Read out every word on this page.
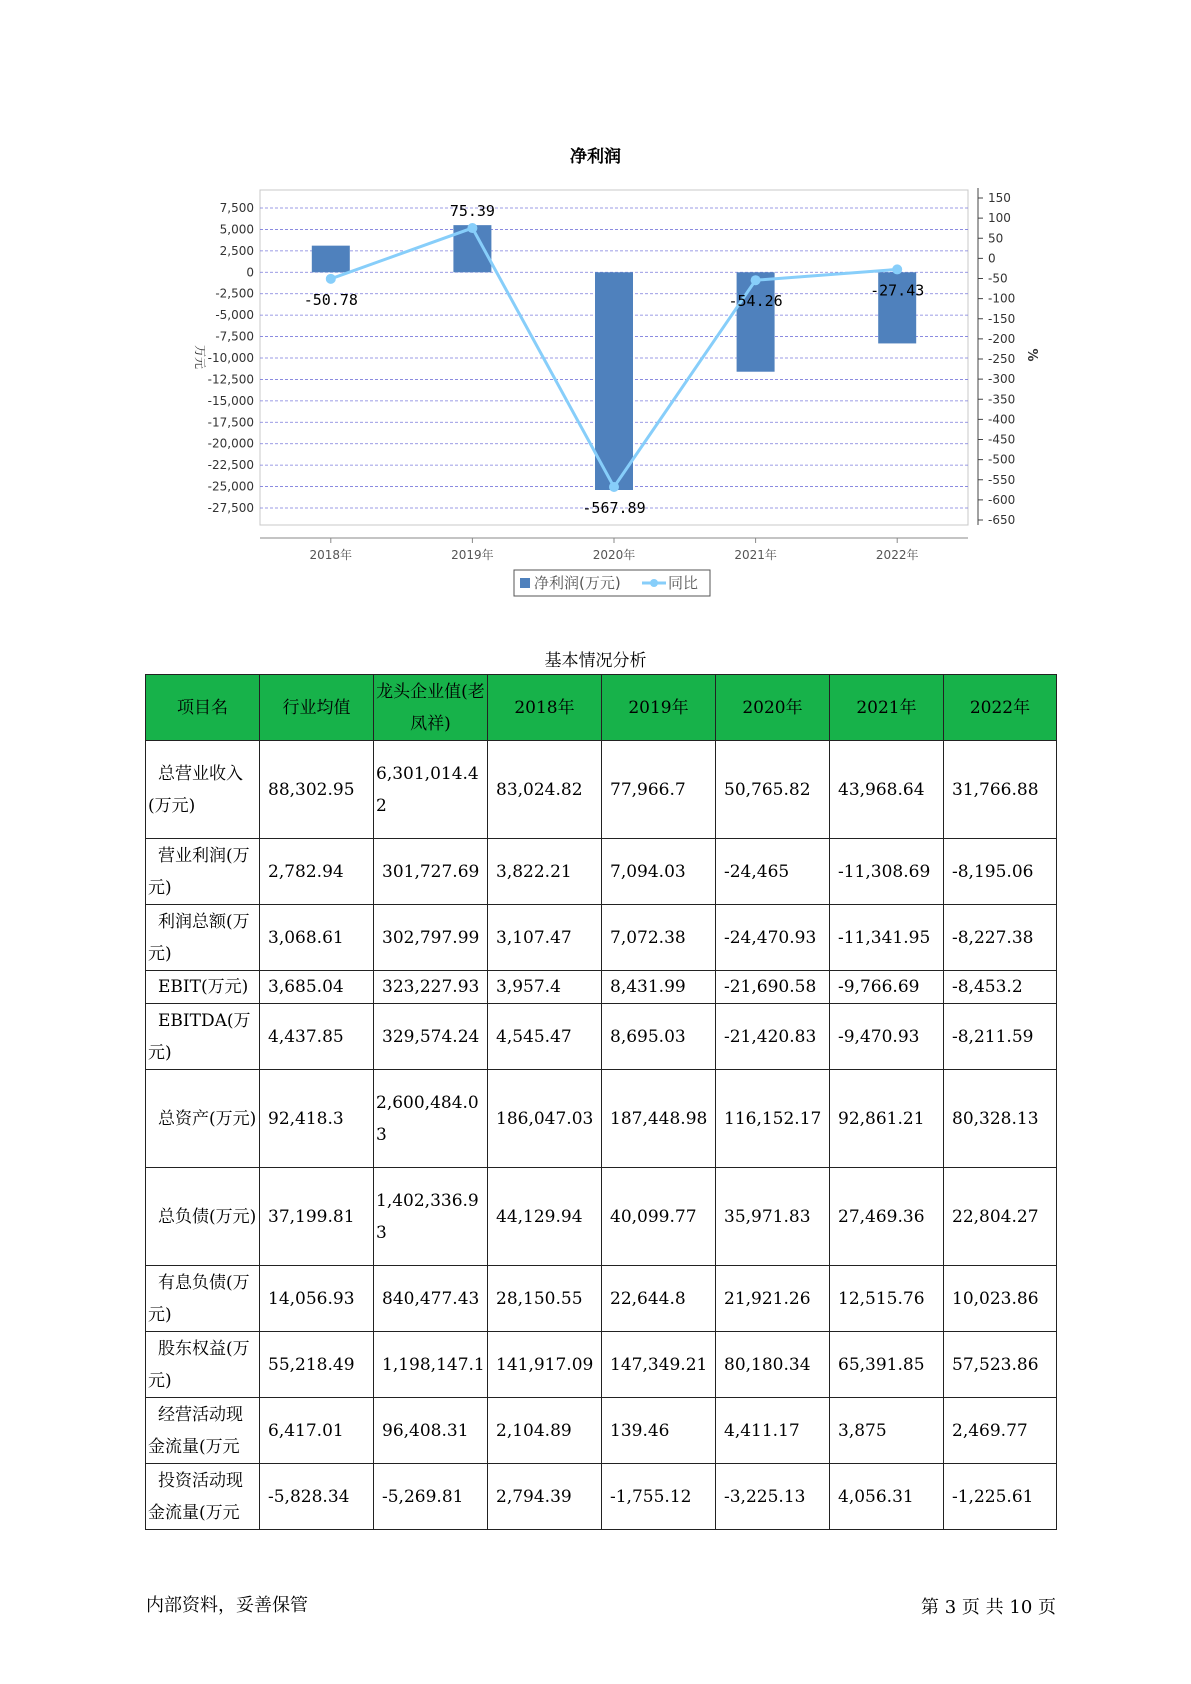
净利润
7,500
5,000
2,500
0
-2,500
-5,000
-7,500
-10,000
-12,500
-15,000
-17,500
-20,000
-22,500
-25,000
-27,500
150
100
50
0
-50
-100
-150
-200
-250
-300
-350
-400
-450
-500
-550
-600
-650
万元	%
2018年	2019年	2020年	2021年	2022年
-50.78
75.39
-567.89
-54.26
-27.43
净利润(万元)	同比
基本情况分析
项目名	行业均值	龙头企业值(老凤祥)	2018年	2019年	2020年	2021年	2022年
总营业收入(万元)	88,302.95	6,301,014.42	83,024.82	77,966.7	50,765.82	43,968.64	31,766.88
营业利润(万元)	2,782.94	301,727.69	3,822.21	7,094.03	-24,465	-11,308.69	-8,195.06
利润总额(万元)	3,068.61	302,797.99	3,107.47	7,072.38	-24,470.93	-11,341.95	-8,227.38
EBIT(万元)	3,685.04	323,227.93	3,957.4	8,431.99	-21,690.58	-9,766.69	-8,453.2
EBITDA(万元)	4,437.85	329,574.24	4,545.47	8,695.03	-21,420.83	-9,470.93	-8,211.59
总资产(万元)	92,418.3	2,600,484.03	186,047.03	187,448.98	116,152.17	92,861.21	80,328.13
总负债(万元)	37,199.81	1,402,336.93	44,129.94	40,099.77	35,971.83	27,469.36	22,804.27
有息负债(万元)	14,056.93	840,477.43	28,150.55	22,644.8	21,921.26	12,515.76	10,023.86
股东权益(万元)	55,218.49	1,198,147.1	141,917.09	147,349.21	80,180.34	65,391.85	57,523.86
经营活动现金流量(万元	6,417.01	96,408.31	2,104.89	139.46	4,411.17	3,875	2,469.77
投资活动现金流量(万元	-5,828.34	-5,269.81	2,794.39	-1,755.12	-3,225.13	4,056.31	-1,225.61
内部资料，妥善保管	第 3 页 共 10 页
